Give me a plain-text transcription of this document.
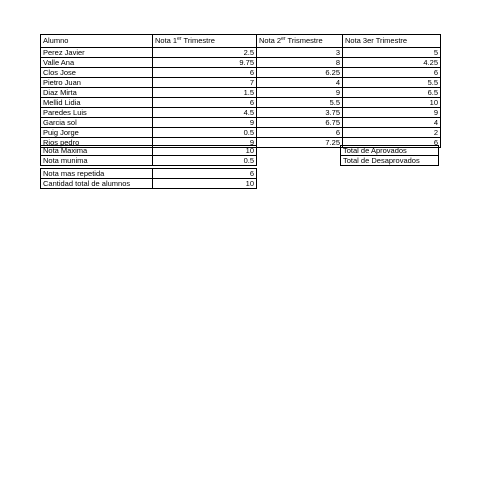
Alumno	Nota 1er Trimestre	Nota 2er Trismestre	Nota 3er Trimestre
Perez Javier	2.5	3	5
Valle Ana	9.75	8	4.25
Clos Jose	6	6.25	6
Pietro Juan	7	4	5.5
Diaz Mirta	1.5	9	6.5
Mellid Lidia	6	5.5	10
Paredes Luis	4.5	3.75	9
Garcia sol	9	6.75	4
Puig Jorge	0.5	6	2
Rios pedro	9	7.25	6
Nota Maxima	10
Nota munima	0.5

Nota mas repetida	6
Cantidad total de alumnos	10
Total de Aprovados
Total de Desaprovados
